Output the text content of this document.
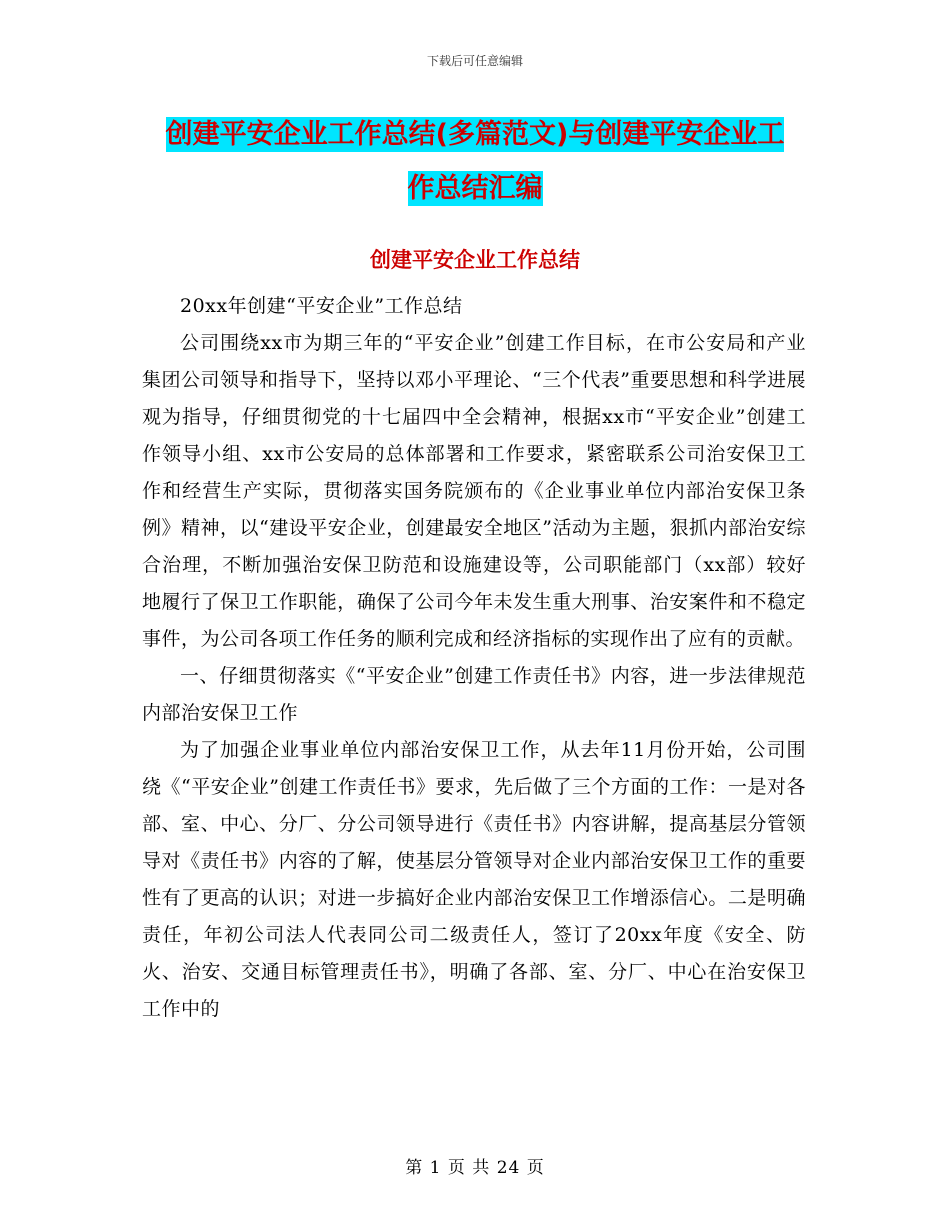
下载后可任意编辑
创建平安企业工作总结(多篇范文)与创建平安企业工
作总结汇编
创建平安企业工作总结

20xx年创建“平安企业”工作总结

公司围绕xx市为期三年的“平安企业”创建工作目标，在市公安局和产业集团公司领导和指导下，坚持以邓小平理论、“三个代表”重要思想和科学进展观为指导，仔细贯彻党的十七届四中全会精神，根据xx市“平安企业”创建工作领导小组、xx市公安局的总体部署和工作要求，紧密联系公司治安保卫工作和经营生产实际，贯彻落实国务院颁布的《企业事业单位内部治安保卫条例》精神，以“建设平安企业，创建最安全地区”活动为主题，狠抓内部治安综合治理，不断加强治安保卫防范和设施建设等，公司职能部门（xx部）较好地履行了保卫工作职能，确保了公司今年未发生重大刑事、治安案件和不稳定事件，为公司各项工作任务的顺利完成和经济指标的实现作出了应有的贡献。

一、仔细贯彻落实《“平安企业”创建工作责任书》内容，进一步法律规范内部治安保卫工作

为了加强企业事业单位内部治安保卫工作，从去年11月份开始，公司围绕《“平安企业”创建工作责任书》要求，先后做了三个方面的工作：一是对各部、室、中心、分厂、分公司领导进行《责任书》内容讲解，提高基层分管领导对《责任书》内容的了解，使基层分管领导对企业内部治安保卫工作的重要性有了更高的认识；对进一步搞好企业内部治安保卫工作增添信心。二是明确责任，年初公司法人代表同公司二级责任人，签订了20xx年度《安全、防火、治安、交通目标管理责任书》，明确了各部、室、分厂、中心在治安保卫工作中的

第 1 页 共 24 页
